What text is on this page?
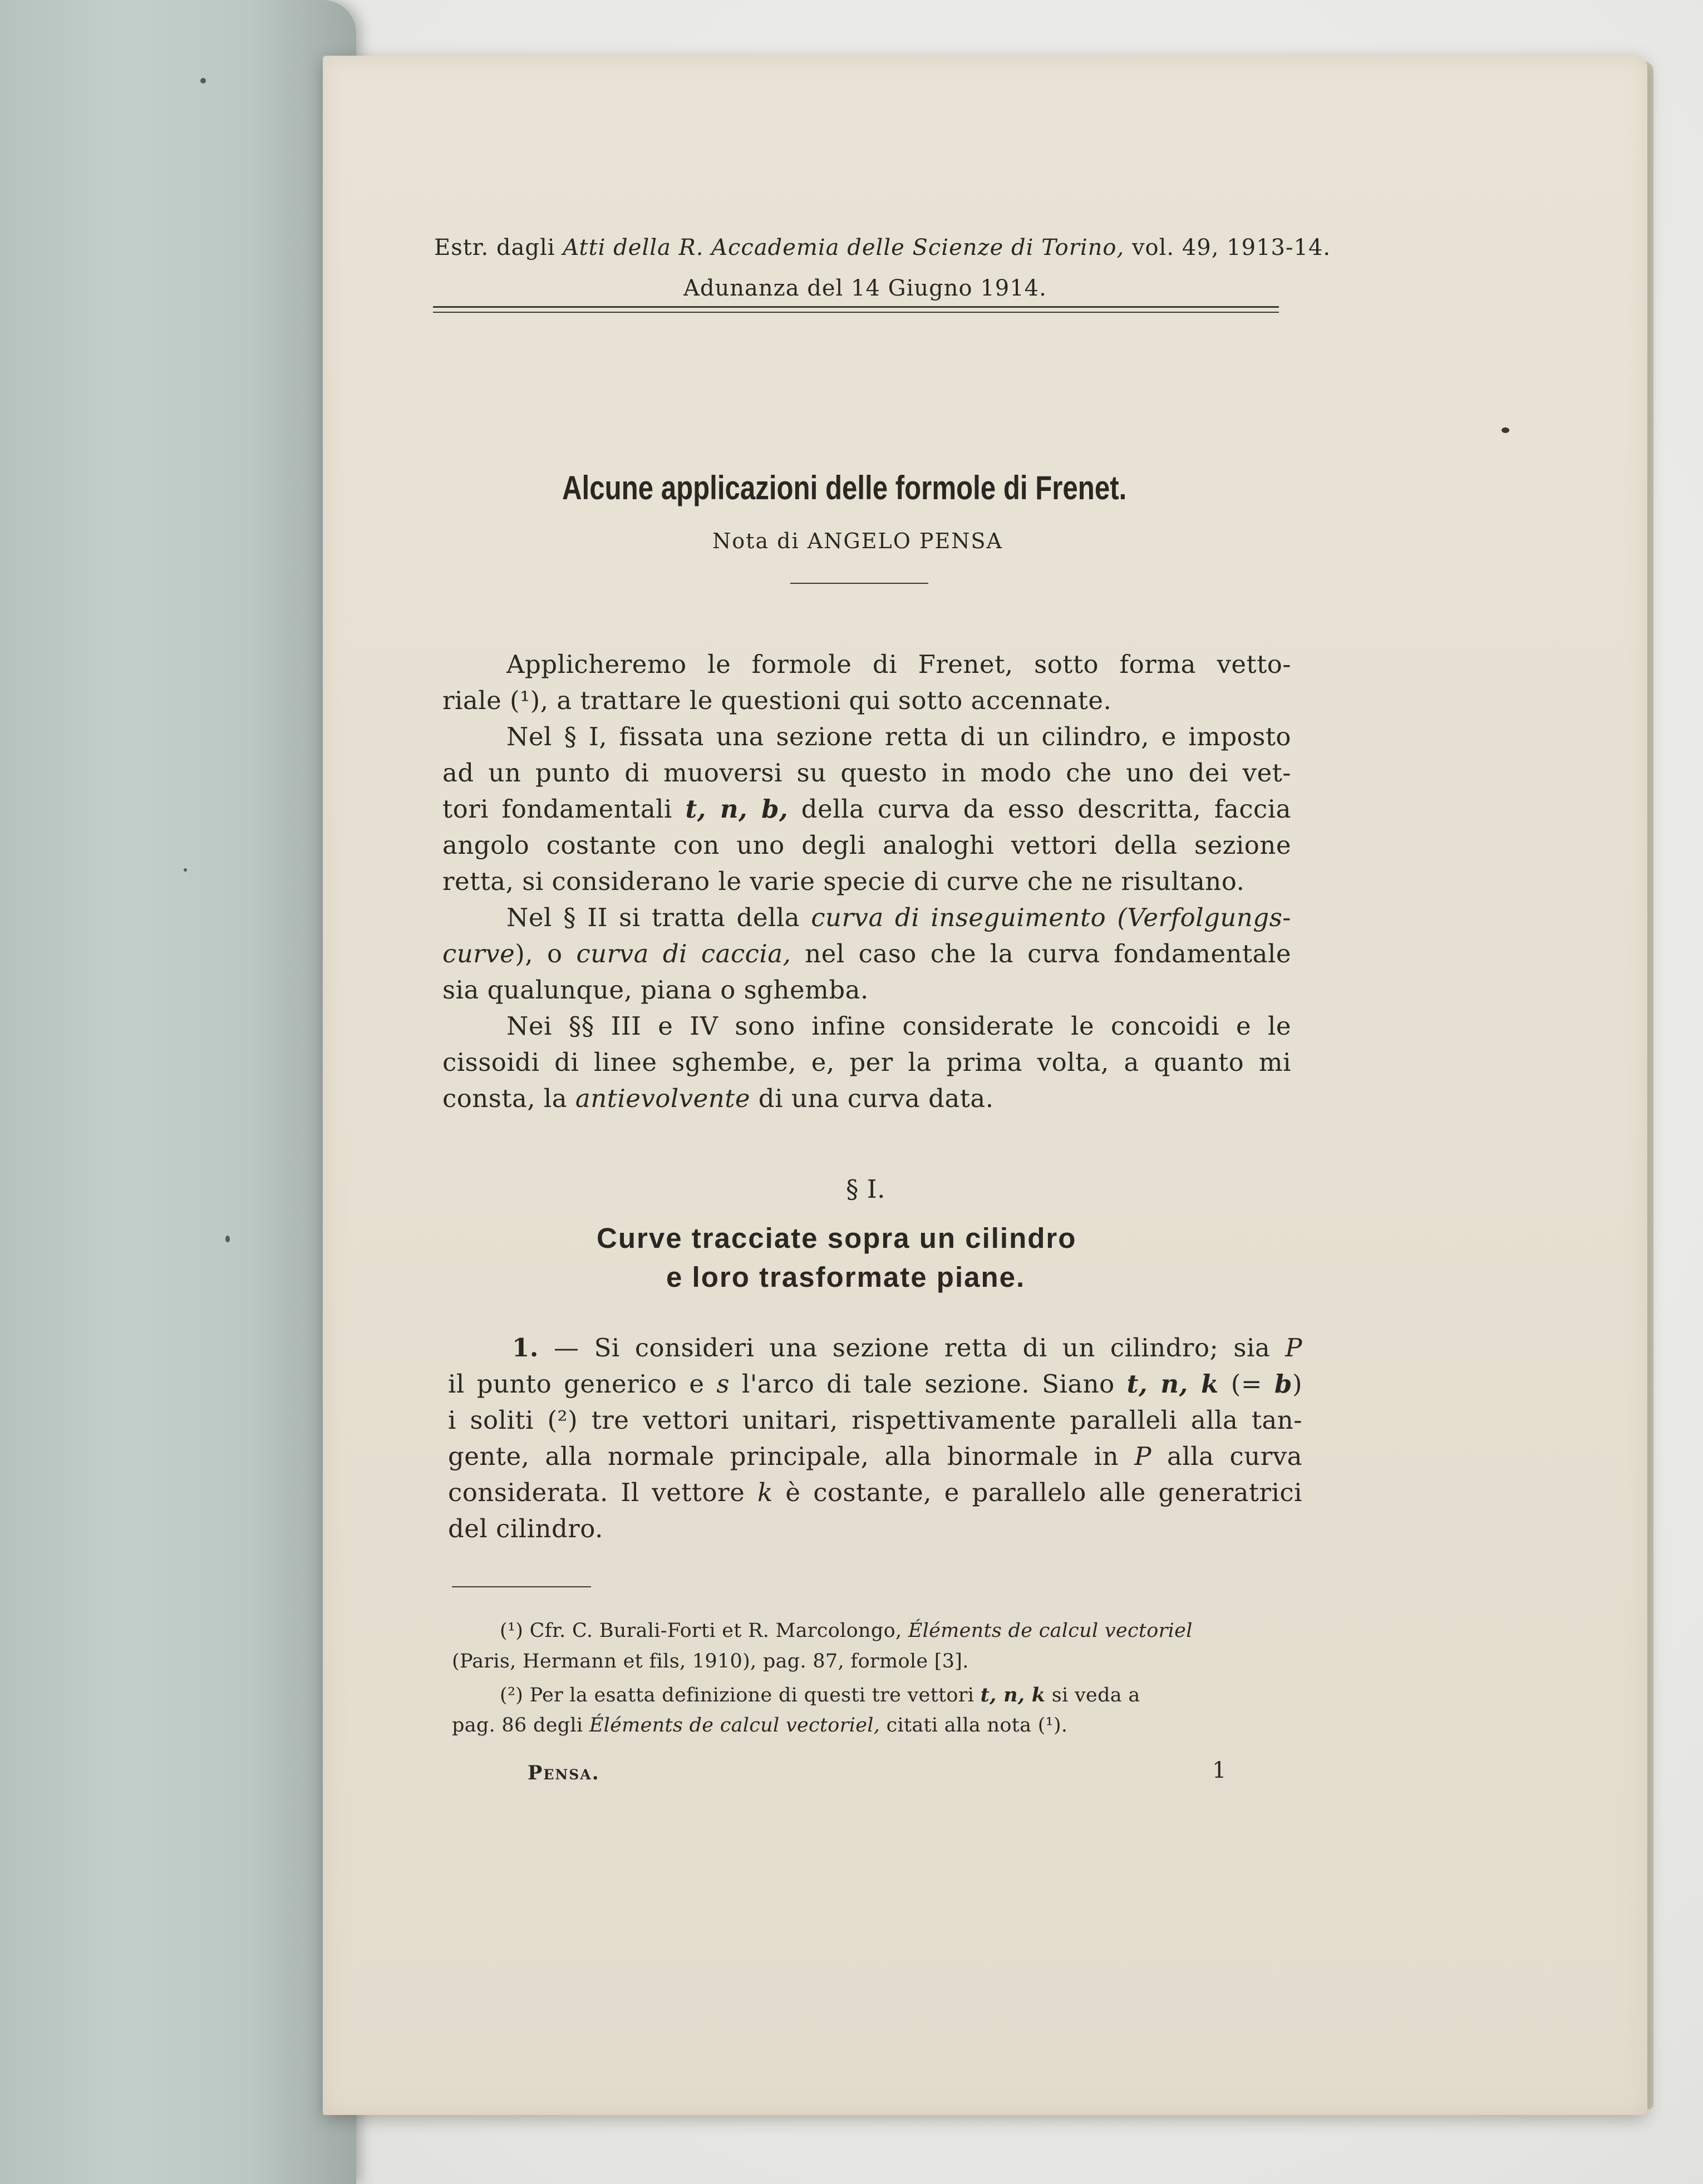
Estr. dagli Atti della R. Accademia delle Scienze di Torino, vol. 49, 1913-14.
Adunanza del 14 Giugno 1914.
Alcune applicazioni delle formole di Frenet.
Nota di ANGELO PENSA
Applicheremo le formole di Frenet, sotto forma vetto-
riale (¹), a trattare le questioni qui sotto accennate.
Nel § I, fissata una sezione retta di un cilindro, e imposto
ad un punto di muoversi su questo in modo che uno dei vet-
tori fondamentali t, n, b, della curva da esso descritta, faccia
angolo costante con uno degli analoghi vettori della sezione
retta, si considerano le varie specie di curve che ne risultano.
Nel § II si tratta della curva di inseguimento (Verfolgungs-
curve), o curva di caccia, nel caso che la curva fondamentale
sia qualunque, piana o sghemba.
Nei §§ III e IV sono infine considerate le concoidi e le
cissoidi di linee sghembe, e, per la prima volta, a quanto mi
consta, la antievolvente di una curva data.
§ I.
Curve tracciate sopra un cilindro
e loro trasformate piane.
1. — Si consideri una sezione retta di un cilindro; sia P
il punto generico e s l'arco di tale sezione. Siano t, n, k (= b)
i soliti (²) tre vettori unitari, rispettivamente paralleli alla tan-
gente, alla normale principale, alla binormale in P alla curva
considerata. Il vettore k è costante, e parallelo alle generatrici
del cilindro.
(¹) Cfr. C. Burali-Forti et R. Marcolongo, Éléments de calcul vectoriel
(Paris, Hermann et fils, 1910), pag. 87, formole [3].
(²) Per la esatta definizione di questi tre vettori t, n, k si veda a
pag. 86 degli Éléments de calcul vectoriel, citati alla nota (¹).
Pensa.	1
